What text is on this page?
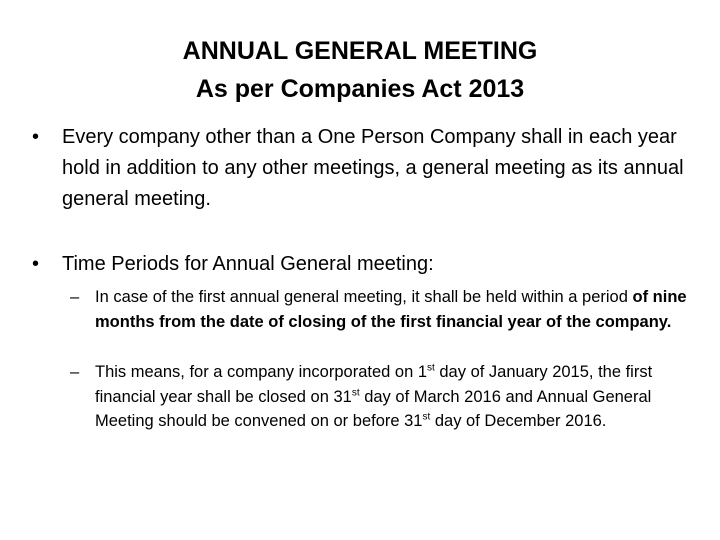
ANNUAL GENERAL MEETING
As per Companies Act 2013
•	Every company other than a One Person Company shall in each year hold in addition to any other meetings, a general meeting as its annual general meeting.
•	Time Periods for Annual General meeting:
– In case of the first annual general meeting, it shall be held within a period of nine months from the date of closing of the first financial year of the company.
– This means, for a company incorporated on 1st day of January 2015, the first financial year shall be closed on 31st day of March 2016 and Annual General Meeting should be convened on or before 31st day of December 2016.
